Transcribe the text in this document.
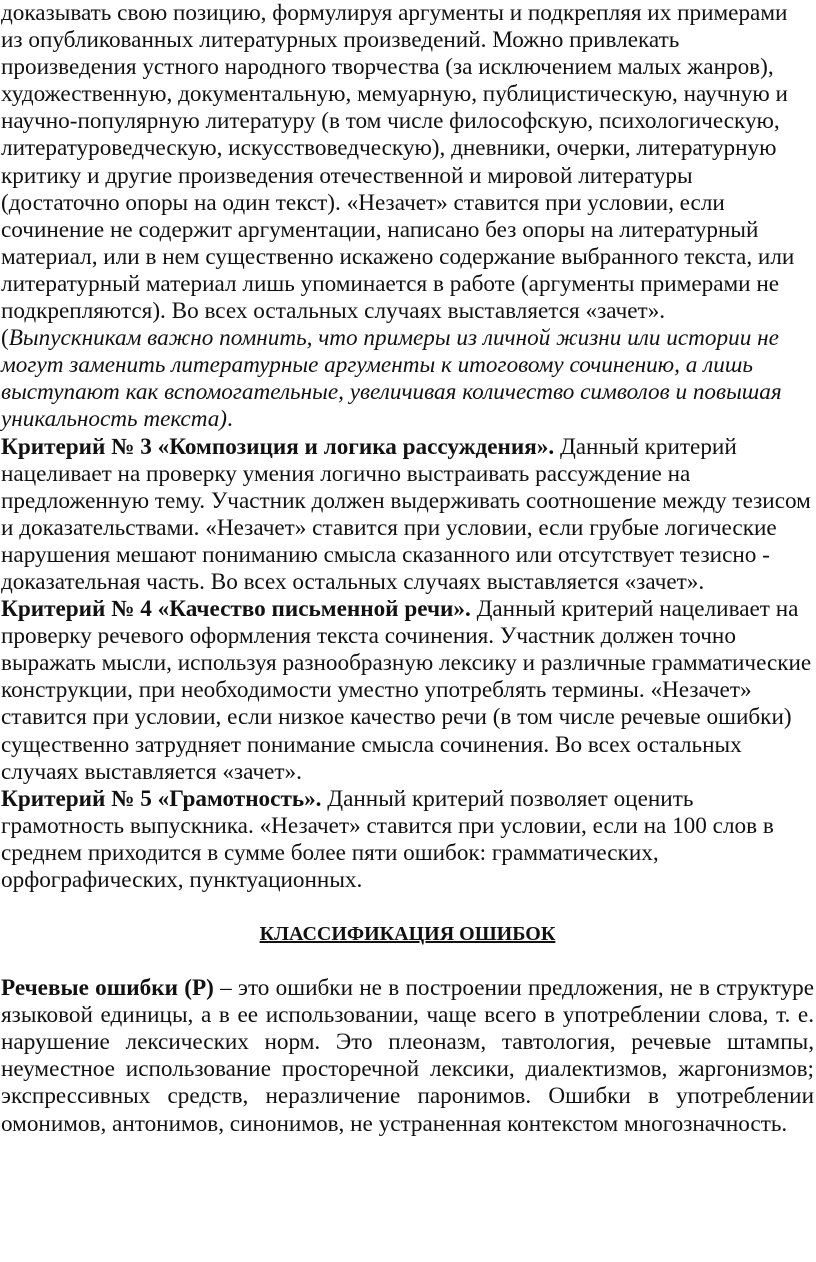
доказывать свою позицию, формулируя аргументы и подкрепляя их примерами из опубликованных литературных произведений. Можно привлекать произведения устного народного творчества (за исключением малых жанров), художественную, документальную, мемуарную, публицистическую, научную и научно-популярную литературу (в том числе философскую, психологическую, литературоведческую, искусствоведческую), дневники, очерки, литературную критику и другие произведения отечественной и мировой литературы (достаточно опоры на один текст). «Незачет» ставится при условии, если сочинение не содержит аргументации, написано без опоры на литературный материал, или в нем существенно искажено содержание выбранного текста, или литературный материал лишь упоминается в работе (аргументы примерами не подкрепляются). Во всех остальных случаях выставляется «зачет».
(Выпускникам важно помнить, что примеры из личной жизни или истории не могут заменить литературные аргументы к итоговому сочинению, а лишь выступают как вспомогательные, увеличивая количество символов и повышая уникальность текста).

Критерий № 3 «Композиция и логика рассуждения». Данный критерий нацеливает на проверку умения логично выстраивать рассуждение на предложенную тему. Участник должен выдерживать соотношение между тезисом и доказательствами. «Незачет» ставится при условии, если грубые логические нарушения мешают пониманию смысла сказанного или отсутствует тезисно - доказательная часть. Во всех остальных случаях выставляется «зачет».

Критерий № 4 «Качество письменной речи». Данный критерий нацеливает на проверку речевого оформления текста сочинения. Участник должен точно выражать мысли, используя разнообразную лексику и различные грамматические конструкции, при необходимости уместно употреблять термины. «Незачет» ставится при условии, если низкое качество речи (в том числе речевые ошибки) существенно затрудняет понимание смысла сочинения. Во всех остальных случаях выставляется «зачет».

Критерий № 5 «Грамотность». Данный критерий позволяет оценить грамотность выпускника. «Незачет» ставится при условии, если на 100 слов в среднем приходится в сумме более пяти ошибок: грамматических, орфографических, пунктуационных.

КЛАССИФИКАЦИЯ ОШИБОК

Речевые ошибки (Р) – это ошибки не в построении предложения, не в структуре языковой единицы, а в ее использовании, чаще всего в употреблении слова, т. е. нарушение лексических норм. Это плеоназм, тавтология, речевые штампы, неуместное использование просторечной лексики, диалектизмов, жаргонизмов; экспрессивных средств, неразличение паронимов. Ошибки в употреблении омонимов, антонимов, синонимов, не устраненная контекстом многозначность.
